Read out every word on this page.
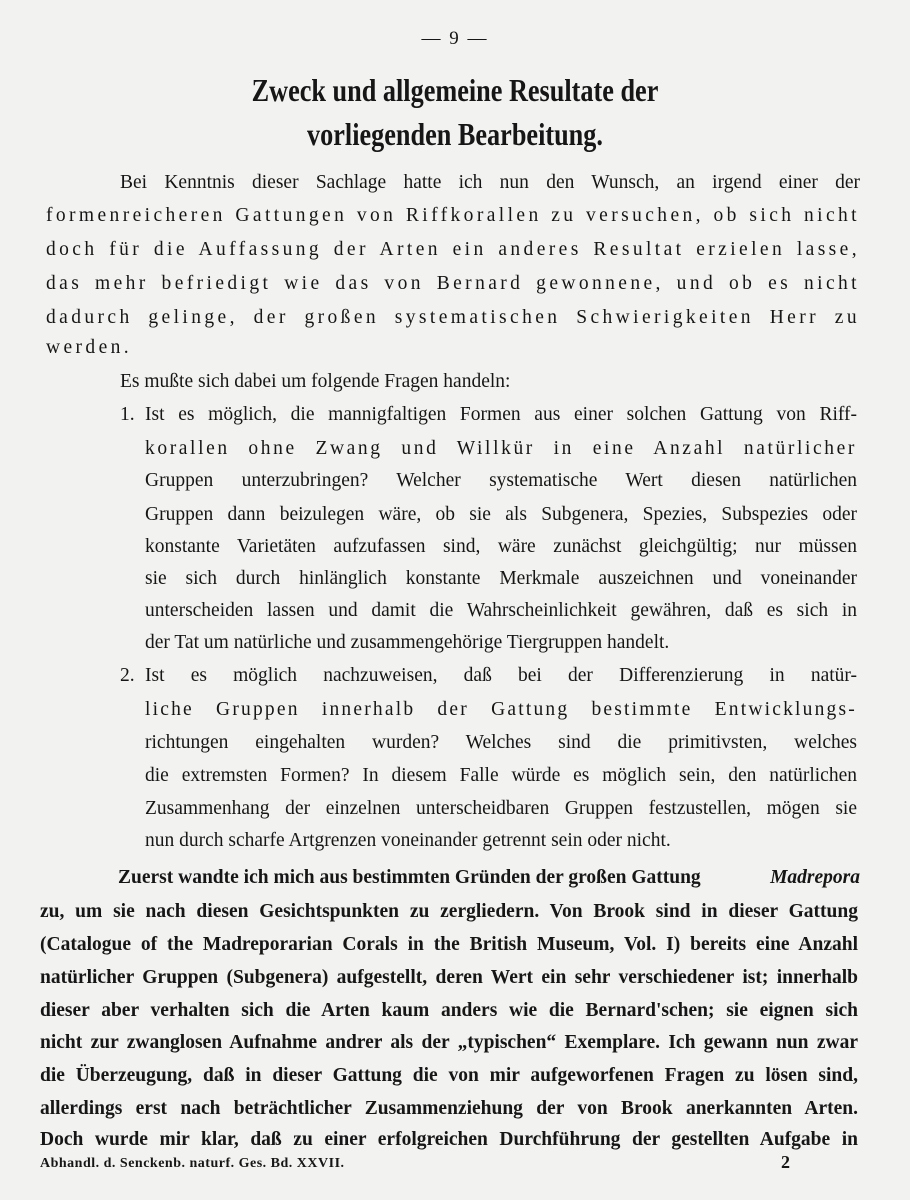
— 9 —
Zweck und allgemeine Resultate der
vorliegenden Bearbeitung.
Bei Kenntnis dieser Sachlage hatte ich nun den Wunsch, an irgend einer der
formenreicheren Gattungen von Riffkorallen zu versuchen, ob sich nicht
doch für die Auffassung der Arten ein anderes Resultat erzielen lasse,
das mehr befriedigt wie das von Bernard gewonnene, und ob es nicht
dadurch gelinge, der großen systematischen Schwierigkeiten Herr zu
werden.
Es mußte sich dabei um folgende Fragen handeln:
1. Ist es möglich, die mannigfaltigen Formen aus einer solchen Gattung von Riff-
korallen ohne Zwang und Willkür in eine Anzahl natürlicher
Gruppen unterzubringen? Welcher systematische Wert diesen natürlichen
Gruppen dann beizulegen wäre, ob sie als Subgenera, Spezies, Subspezies oder
konstante Varietäten aufzufassen sind, wäre zunächst gleichgültig; nur müssen
sie sich durch hinlänglich konstante Merkmale auszeichnen und voneinander
unterscheiden lassen und damit die Wahrscheinlichkeit gewähren, daß es sich in
der Tat um natürliche und zusammengehörige Tiergruppen handelt.
2. Ist es möglich nachzuweisen, daß bei der Differenzierung in natür-
liche Gruppen innerhalb der Gattung bestimmte Entwicklungs-
richtungen eingehalten wurden? Welches sind die primitivsten, welches
die extremsten Formen? In diesem Falle würde es möglich sein, den natürlichen
Zusammenhang der einzelnen unterscheidbaren Gruppen festzustellen, mögen sie
nun durch scharfe Artgrenzen voneinander getrennt sein oder nicht.
Zuerst wandte ich mich aus bestimmten Gründen der großen Gattung	Madrepora
zu, um sie nach diesen Gesichtspunkten zu zergliedern. Von Brook sind in dieser Gattung
(Catalogue of the Madreporarian Corals in the British Museum, Vol. I) bereits eine Anzahl
natürlicher Gruppen (Subgenera) aufgestellt, deren Wert ein sehr verschiedener ist; innerhalb
dieser aber verhalten sich die Arten kaum anders wie die Bernard'schen; sie eignen sich
nicht zur zwanglosen Aufnahme andrer als der „typischen“ Exemplare. Ich gewann nun zwar
die Überzeugung, daß in dieser Gattung die von mir aufgeworfenen Fragen zu lösen sind,
allerdings erst nach beträchtlicher Zusammenziehung der von Brook anerkannten Arten.
Doch wurde mir klar, daß zu einer erfolgreichen Durchführung der gestellten Aufgabe in
Abhandl. d. Senckenb. naturf. Ges. Bd. XXVII.	2
